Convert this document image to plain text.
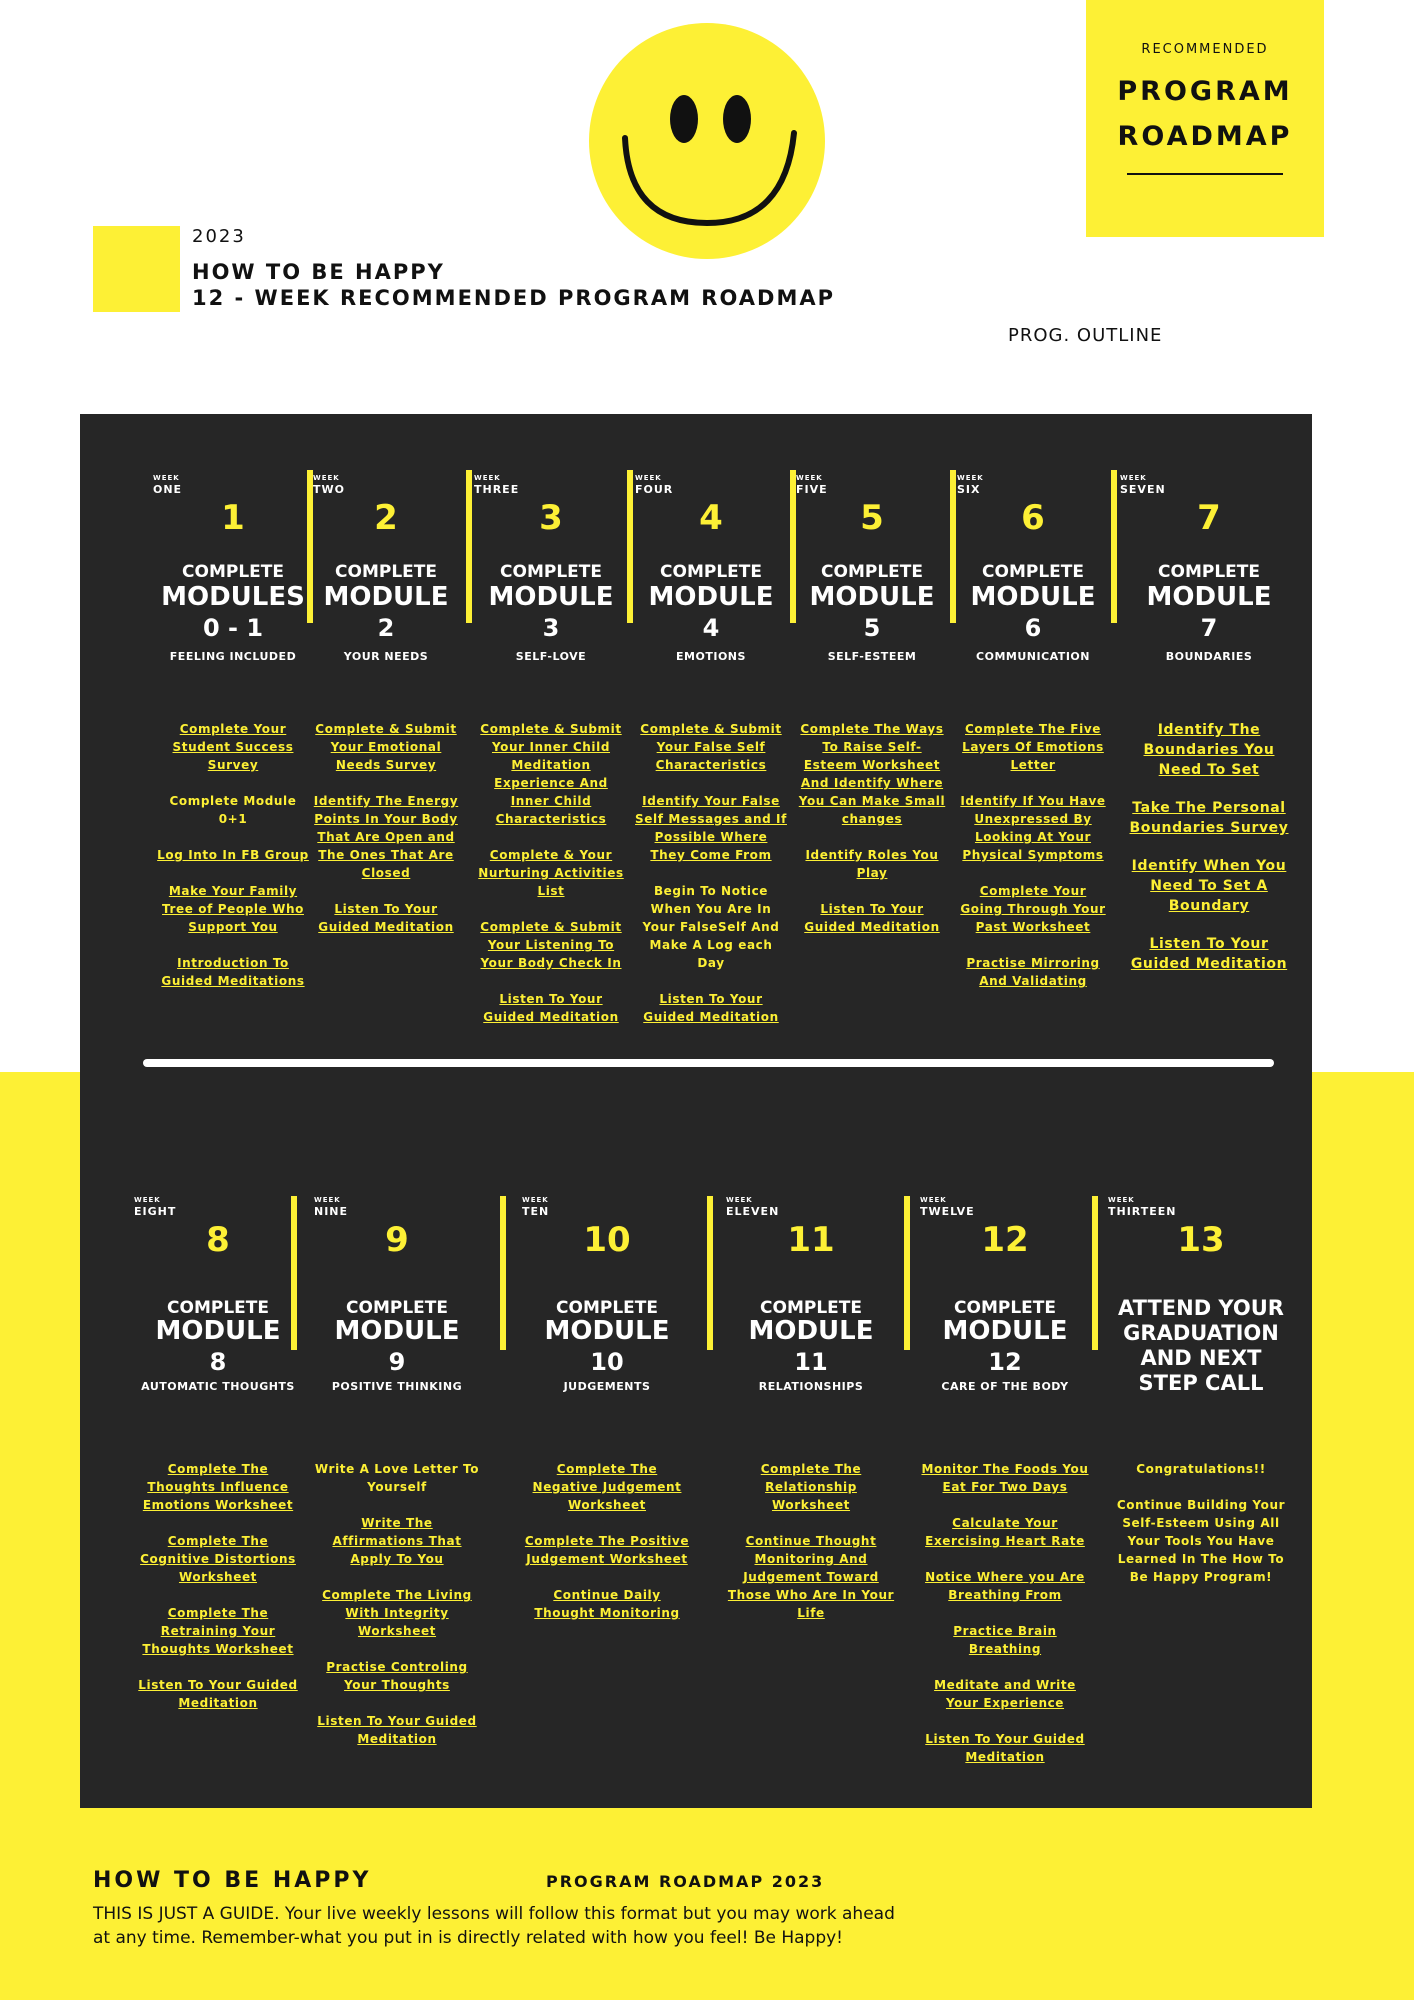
RECOMMENDED
PROGRAM
ROADMAP
2023
HOW TO BE HAPPY
12 - WEEK RECOMMENDED PROGRAM ROADMAP
PROG. OUTLINE
WEEK
ONE
1
COMPLETE
MODULES
0 - 1
FEELING INCLUDED
Complete Your Student Success Survey
Complete Module 0+1
Log Into In FB Group
Make Your Family Tree of People Who Support You
Introduction To Guided Meditations
WEEK
TWO
2
COMPLETE
MODULE
2
YOUR NEEDS
Complete & Submit Your Emotional Needs Survey
Identify The Energy Points In Your Body That Are Open and The Ones That Are Closed
Listen To Your Guided Meditation
WEEK
THREE
3
COMPLETE
MODULE
3
SELF-LOVE
Complete & Submit Your Inner Child Meditation Experience And Inner Child Characteristics
Complete & Your Nurturing Activities List
Complete & Submit Your Listening To Your Body Check In
Listen To Your Guided Meditation
WEEK
FOUR
4
COMPLETE
MODULE
4
EMOTIONS
Complete & Submit Your False Self Characteristics
Identify Your False Self Messages and If Possible Where They Come From
Begin To Notice When You Are In Your FalseSelf And Make A Log each Day
Listen To Your Guided Meditation
WEEK
FIVE
5
COMPLETE
MODULE
5
SELF-ESTEEM
Complete The Ways To Raise Self-Esteem Worksheet And Identify Where You Can Make Small changes
Identify Roles You Play
Listen To Your Guided Meditation
WEEK
SIX
6
COMPLETE
MODULE
6
COMMUNICATION
Complete The Five Layers Of Emotions Letter
Identify If You Have Unexpressed By Looking At Your Physical Symptoms
Complete Your Going Through Your Past Worksheet
Practise Mirroring And Validating
WEEK
SEVEN
7
COMPLETE
MODULE
7
BOUNDARIES
Identify The Boundaries You Need To Set
Take The Personal Boundaries Survey
Identify When You Need To Set A Boundary
Listen To Your Guided Meditation
WEEK
EIGHT
8
COMPLETE
MODULE
8
AUTOMATIC THOUGHTS
Complete The Thoughts Influence Emotions Worksheet
Complete The Cognitive Distortions Worksheet
Complete The Retraining Your Thoughts Worksheet
Listen To Your Guided Meditation
WEEK
NINE
9
COMPLETE
MODULE
9
POSITIVE THINKING
Write A Love Letter To Yourself
Write The Affirmations That Apply To You
Complete The Living With Integrity Worksheet
Practise Controling Your Thoughts
Listen To Your Guided Meditation
WEEK
TEN
10
COMPLETE
MODULE
10
JUDGEMENTS
Complete The Negative Judgement Worksheet
Complete The Positive Judgement Worksheet
Continue Daily Thought Monitoring
WEEK
ELEVEN
11
COMPLETE
MODULE
11
RELATIONSHIPS
Complete The Relationship Worksheet
Continue Thought Monitoring And Judgement Toward Those Who Are In Your Life
WEEK
TWELVE
12
COMPLETE
MODULE
12
CARE OF THE BODY
Monitor The Foods You Eat For Two Days
Calculate Your Exercising Heart Rate
Notice Where you Are Breathing From
Practice Brain Breathing
Meditate and Write Your Experience
Listen To Your Guided Meditation
WEEK
THIRTEEN
13
ATTEND YOUR GRADUATION AND NEXT STEP CALL
Congratulations!!
Continue Building Your Self-Esteem Using All Your Tools You Have Learned In The How To Be Happy Program!
HOW TO BE HAPPY	PROGRAM ROADMAP 2023
THIS IS JUST A GUIDE. Your live weekly lessons will follow this format but you may work ahead at any time. Remember-what you put in is directly related with how you feel! Be Happy!
